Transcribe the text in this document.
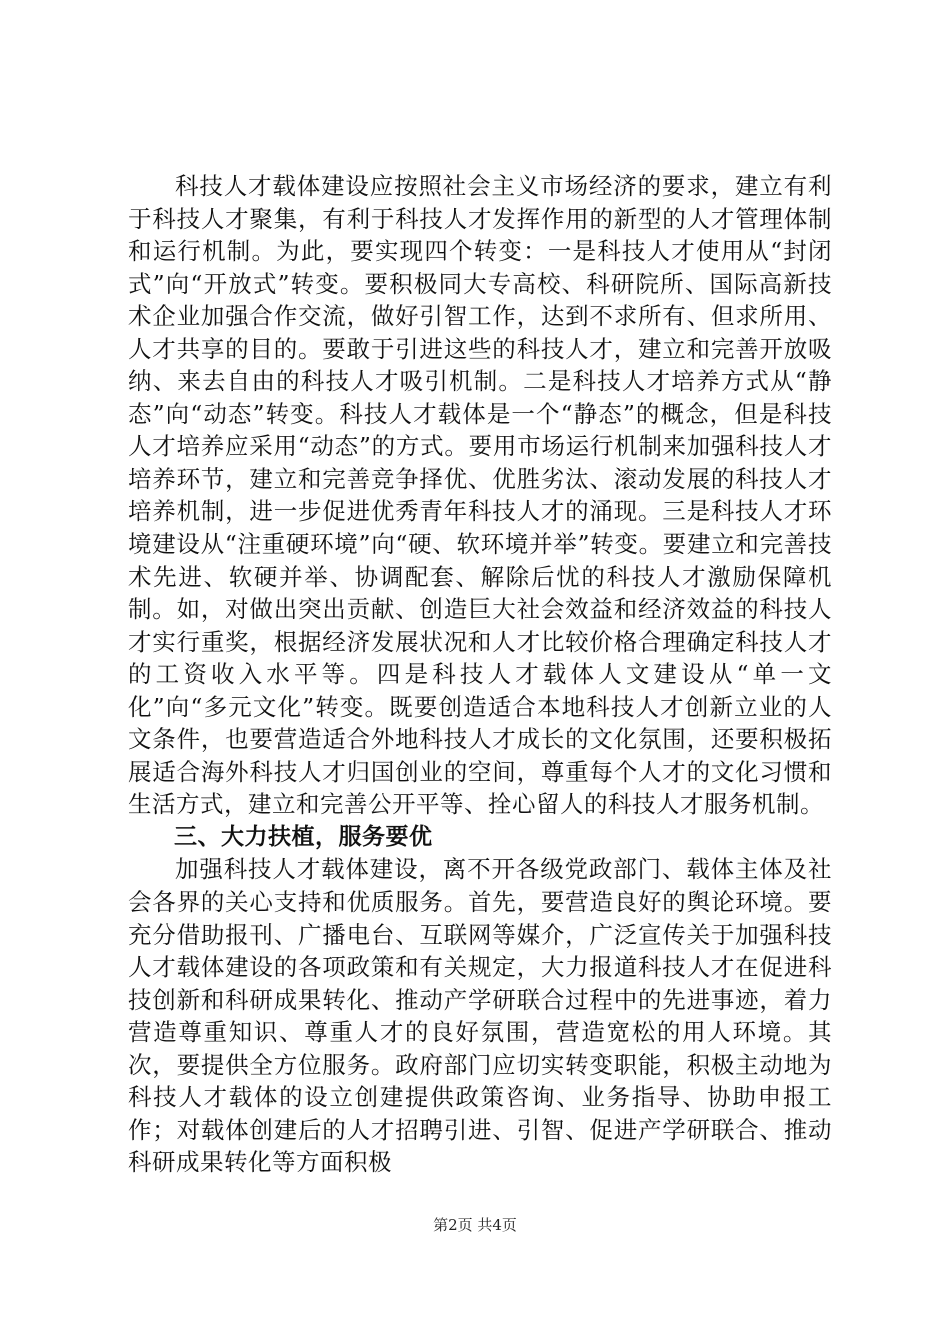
科技人才载体建设应按照社会主义市场经济的要求，建立有利于科技人才聚集，有利于科技人才发挥作用的新型的人才管理体制和运行机制。为此，要实现四个转变：一是科技人才使用从“封闭式”向“开放式”转变。要积极同大专高校、科研院所、国际高新技术企业加强合作交流，做好引智工作，达到不求所有、但求所用、人才共享的目的。要敢于引进这些的科技人才，建立和完善开放吸纳、来去自由的科技人才吸引机制。二是科技人才培养方式从“静态”向“动态”转变。科技人才载体是一个“静态”的概念，但是科技人才培养应采用“动态”的方式。要用市场运行机制来加强科技人才培养环节，建立和完善竞争择优、优胜劣汰、滚动发展的科技人才培养机制，进一步促进优秀青年科技人才的涌现。三是科技人才环境建设从“注重硬环境”向“硬、软环境并举”转变。要建立和完善技术先进、软硬并举、协调配套、解除后忧的科技人才激励保障机制。如，对做出突出贡献、创造巨大社会效益和经济效益的科技人才实行重奖，根据经济发展状况和人才比较价格合理确定科技人才的工资收入水平等。四是科技人才载体人文建设从“单一文化”向“多元文化”转变。既要创造适合本地科技人才创新立业的人文条件，也要营造适合外地科技人才成长的文化氛围，还要积极拓展适合海外科技人才归国创业的空间，尊重每个人才的文化习惯和生活方式，建立和完善公开平等、拴心留人的科技人才服务机制。

三、大力扶植，服务要优

加强科技人才载体建设，离不开各级党政部门、载体主体及社会各界的关心支持和优质服务。首先，要营造良好的舆论环境。要充分借助报刊、广播电台、互联网等媒介，广泛宣传关于加强科技人才载体建设的各项政策和有关规定，大力报道科技人才在促进科技创新和科研成果转化、推动产学研联合过程中的先进事迹，着力营造尊重知识、尊重人才的良好氛围，营造宽松的用人环境。其次，要提供全方位服务。政府部门应切实转变职能，积极主动地为科技人才载体的设立创建提供政策咨询、业务指导、协助申报工作；对载体创建后的人才招聘引进、引智、促进产学研联合、推动科研成果转化等方面积极

第2页 共4页
